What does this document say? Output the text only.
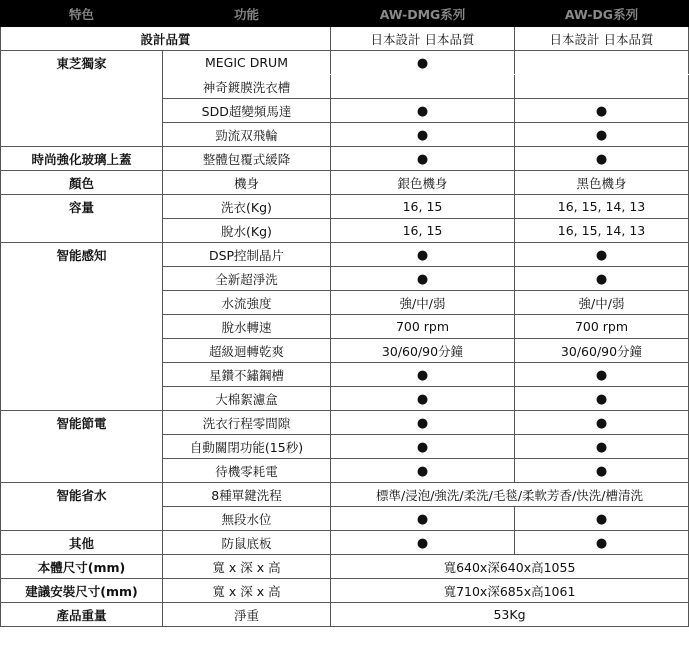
特色	功能	AW-DMG系列	AW-DG系列
設計品質		日本設計 日本品質	日本設計 日本品質
東芝獨家	MEGIC DRUM	●	
	神奇鍍膜洗衣槽		
	SDD超變頻馬達	●	●
	勁流双飛輪	●	●
時尚強化玻璃上蓋	整體包覆式緩降	●	●
顏色	機身	銀色機身	黑色機身
容量	洗衣(Kg)	16, 15	16, 15, 14, 13
	脫水(Kg)	16, 15	16, 15, 14, 13
智能感知	DSP控制晶片	●	●
	全新超淨洗	●	●
	水流強度	強/中/弱	強/中/弱
	脫水轉速	700 rpm	700 rpm
	超級迴轉乾爽	30/60/90分鐘	30/60/90分鐘
	星鑽不鏽鋼槽	●	●
	大棉絮濾盒	●	●
智能節電	洗衣行程零間隙	●	●
	自動關閉功能(15秒)	●	●
	待機零耗電	●	●
智能省水	8種單鍵洗程	標準/浸泡/強洗/柔洗/毛毯/柔軟芳香/快洗/槽清洗	
	無段水位	●	●
其他	防鼠底板	●	●
本體尺寸(mm)	寬 x 深 x 高	寬640x深640x高1055	
建議安裝尺寸(mm)	寬 x 深 x 高	寬710x深685x高1061	
產品重量	淨重	53Kg	
